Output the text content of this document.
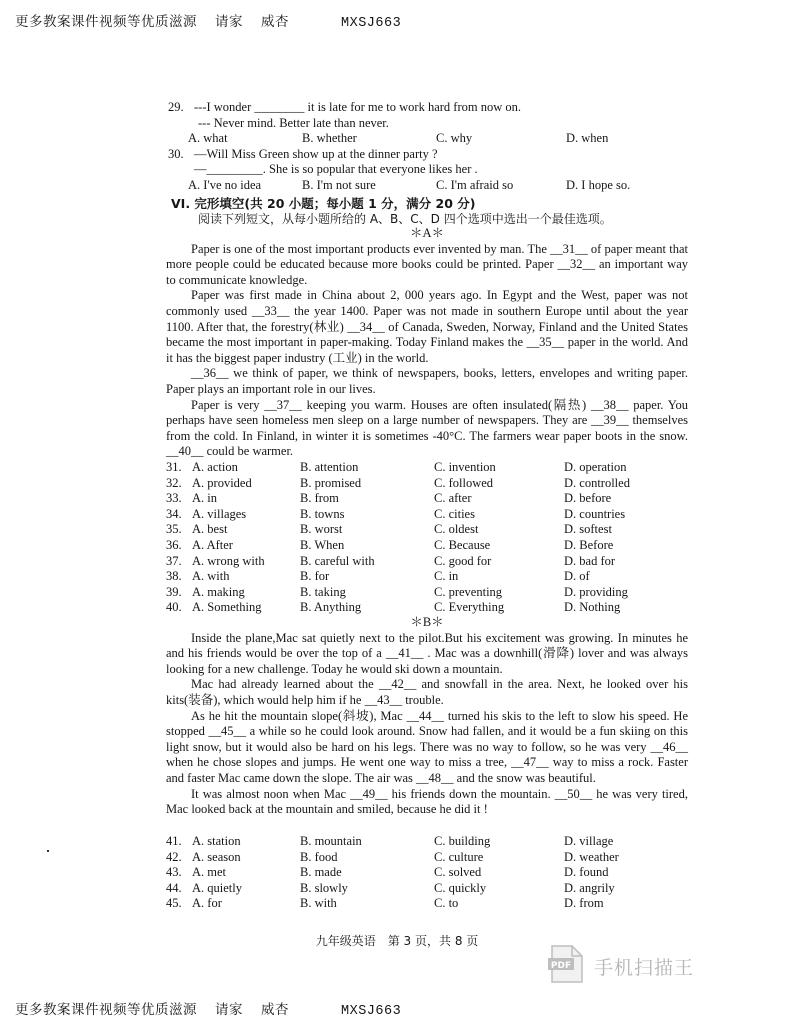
更多教案课件视频等优质滋源 请家 威杏	MXSJ663
29. ---I wonder ________ it is late for me to work hard from now on.
--- Never mind. Better late than never.
A. what	B. whether	C. why	D. when
30. —Will Miss Green show up at the dinner party ?
—_________. She is so popular that everyone likes her .
A. I've no idea	B. I'm not sure	C. I'm afraid so	D. I hope so.
VI. 完形填空(共 20 小题；每小题 1 分，满分 20 分)
阅读下列短文，从每小题所给的 A、B、C、D 四个选项中选出一个最佳选项。
＊A＊

Paper is one of the most important products ever invented by man. The __31__ of paper meant that more people could be educated because more books could be printed. Paper __32__ an important way to communicate knowledge.

Paper was first made in China about 2, 000 years ago. In Egypt and the West, paper was not commonly used __33__ the year 1400. Paper was not made in southern Europe until about the year 1100. After that, the forestry(林业) __34__ of Canada, Sweden, Norway, Finland and the United States became the most important in paper-making. Today Finland makes the __35__ paper in the world. And it has the biggest paper industry (工业) in the world.

__36__ we think of paper, we think of newspapers, books, letters, envelopes and writing paper. Paper plays an important role in our lives.

Paper is very __37__ keeping you warm. Houses are often insulated(隔热) __38__ paper. You perhaps have seen homeless men sleep on a large number of newspapers. They are __39__ themselves from the cold. In Finland, in winter it is sometimes -40°C. The farmers wear paper boots in the snow. __40__ could be warmer.

31. A. action	B. attention	C. invention	D. operation
32. A. provided	B. promised	C. followed	D. controlled
33. A. in	B. from	C. after	D. before
34. A. villages	B. towns	C. cities	D. countries
35. A. best	B. worst	C. oldest	D. softest
36. A. After	B. When	C. Because	D. Before
37. A. wrong with	B. careful with	C. good for	D. bad for
38. A. with	B. for	C. in	D. of
39. A. making	B. taking	C. preventing	D. providing
40. A. Something	B. Anything	C. Everything	D. Nothing
＊B＊

Inside the plane,Mac sat quietly next to the pilot.But his excitement was growing. In minutes he and his friends would be over the top of a __41__ . Mac was a downhill(滑降) lover and was always looking for a new challenge. Today he would ski down a mountain.

Mac had already learned about the __42__ and snowfall in the area. Next, he looked over his kits(装备), which would help him if he __43__ trouble.

As he hit the mountain slope(斜坡), Mac __44__ turned his skis to the left to slow his speed. He stopped __45__ a while so he could look around. Snow had fallen, and it would be a fun skiing on this light snow, but it would also be hard on his legs. There was no way to follow, so he was very __46__ when he chose slopes and jumps. He went one way to miss a tree, __47__ way to miss a rock. Faster and faster Mac came down the slope. The air was __48__ and the snow was beautiful.

It was almost noon when Mac __49__ his friends down the mountain. __50__ he was very tired, Mac looked back at the mountain and smiled, because he did it !

41. A. station	B. mountain	C. building	D. village
42. A. season	B. food	C. culture	D. weather
43. A. met	B. made	C. solved	D. found
44. A. quietly	B. slowly	C. quickly	D. angrily
45. A. for	B. with	C. to	D. from
九年级英语　第 3 页，共 8 页
PDF 手机扫描王
更多教案课件视频等优质滋源 请家 威杏	MXSJ663
